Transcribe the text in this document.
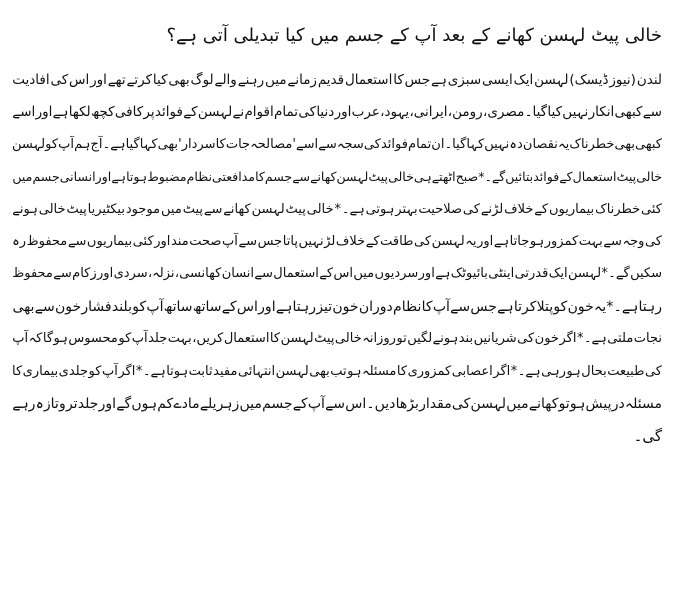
خالی پیٹ لہسن کھانے کے بعد آپ کے جسم میں کیا تبدیلی آتی ہے؟
لندن
(نیوز
ڈیسک)
لہسن
ایک
ایسی
سبزی
ہے
جس
کا
استعمال
قدیم
زمانے
میں
رہنے
والے
لوگ
بھی
کیا
کرتے
تھے
اور
اس
کی
افادیت
سے
کبھی
انکار
نہیں
کیا
گیا۔
مصری،
رومن،
ایرانی،
یہود،
عرب
اور
دنیا
کی
تمام
اقوام
نے
لہسن
کے
فوائد
پر
کافی
کچھ
لکھا
ہے
اور
اسے
کبھی
بھی
خطرناک
یہ
نقصان
دہ
نہیں
کہا
گیا۔
ان
تمام
فوائد
کی
سجہ
سے
اسے
'مصالحہ
جات
کا
سردار'
بھی
کہا
گیا
ہے۔
آج
ہم
آپ
کو
لہسن
خالی
پیٹ
استعمال
کے
فوائد
بتائیں
گے۔
*
صبح
اٹھتے
ہی
خالی
پیٹ
لہسن
کھانے
سے
جسم
کا
مدافعتی
نظام
مضبوط
ہوتا
ہے
اور
انسانی
جسم
میں
کئی
خطرناک
بیماریوں
کے
خلاف
لڑنے
کی
صلاحیت
بہتر
ہوتی
ہے۔
*
خالی
پیٹ
لہسن
کھانے
سے
پیٹ
میں
موجود
بیکٹیریا
پیٹ
خالی
ہونے
کی
وجہ
سے
بہت
کمزور
ہو
جاتا
ہے
اور
یہ
لہسن
کی
طاقت
کے
خلاف
لڑ
نہیں
پاتا
جس
سے
آپ
صحت
مند
اور
کئی
بیماریوں
سے
محفوظ
رہ
سکیں
گے۔
*
لہسن
ایک
قدرتی
اینٹی
بائیوٹک
ہے
اور
سردیوں
میں
اس
کے
استعمال
سے
انسان
کھانسی،
نزلہ،
سردی
اور
زکام
سے
محفوظ
رہتا
ہے۔
*
یہ
خون
کو
پتلا
کرتا
ہے
جس
سے
آپ
کا
نظام
دوران
خون
تیز
رہتا
ہے
اور
اس
کے
ساتھ
ساتھ
آپ
کو
بلند
فشار
خون
سے
بھی
نجات
ملتی
ہے۔
*
اگر
خون
کی
شریانیں
بند
ہونے
لگیں
تو
روزانہ
خالی
پیٹ
لہسن
کا
استعمال
کریں،
بہت
جلد
آپ
کو
محسوس
ہو
گا
کہ
آپ
کی
طبیعت
بحال
ہو
رہی
ہے۔
*
اگر
اعصابی
کمزوری
کا
مسئلہ
ہو
تب
بھی
لہسن
انتہائی
مفید
ثابت
ہوتا
ہے۔
*
اگر
آپ
کو
جلدی
بیماری
کا
مسئلہ
در
پیش
ہو
تو
کھانے
میں
لہسن
کی
مقدار
بڑھا
دیں۔
اس
سے
آپ
کے
جسم
میں
زہریلے
مادے
کم
ہوں
گے
اور
جلد
تر
و
تازہ
رہے
گی۔
